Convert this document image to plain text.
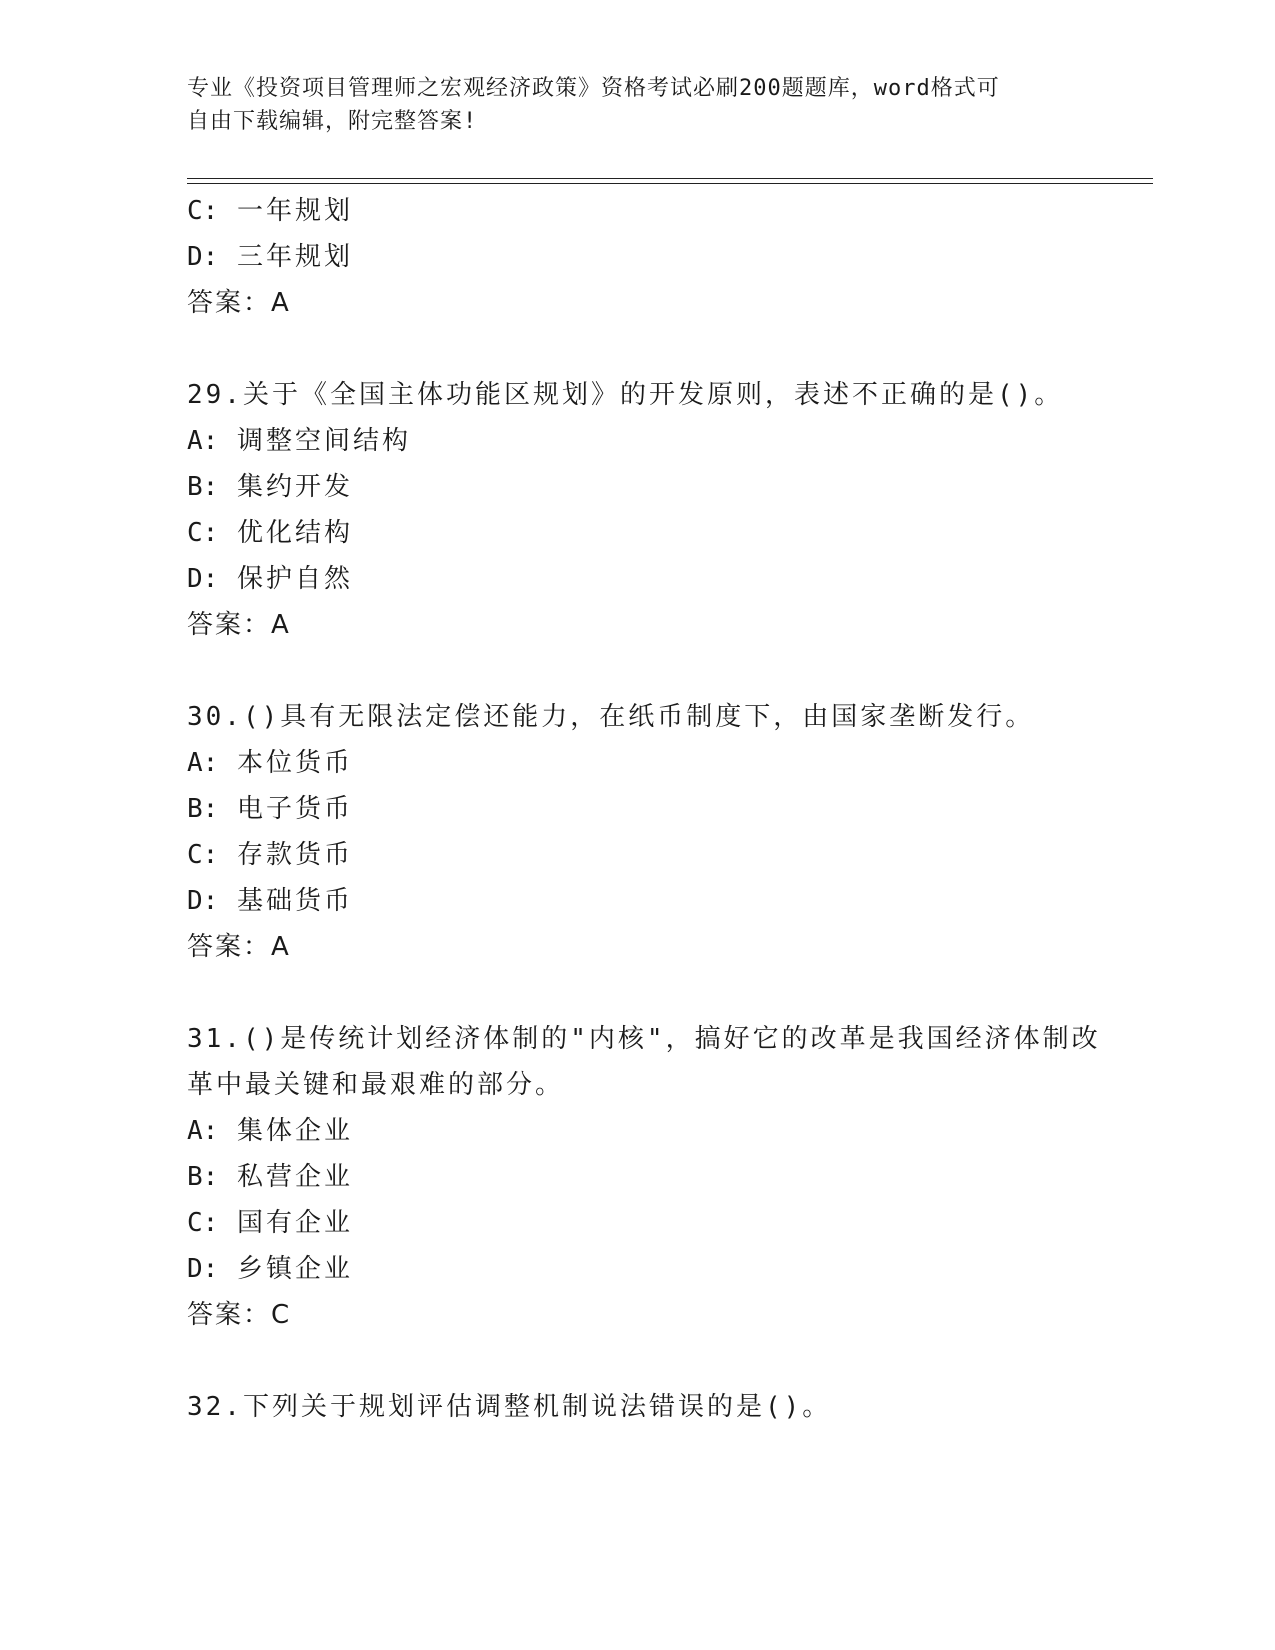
专业《投资项目管理师之宏观经济政策》资格考试必刷200题题库，word格式可
自由下载编辑，附完整答案!
C: 一年规划
D: 三年规划
答案：A
29.关于《全国主体功能区规划》的开发原则，表述不正确的是()。
A: 调整空间结构
B: 集约开发
C: 优化结构
D: 保护自然
答案：A
30.()具有无限法定偿还能力，在纸币制度下，由国家垄断发行。
A: 本位货币
B: 电子货币
C: 存款货币
D: 基础货币
答案：A
31.()是传统计划经济体制的"内核"，搞好它的改革是我国经济体制改
革中最关键和最艰难的部分。
A: 集体企业
B: 私营企业
C: 国有企业
D: 乡镇企业
答案：C
32.下列关于规划评估调整机制说法错误的是()。
